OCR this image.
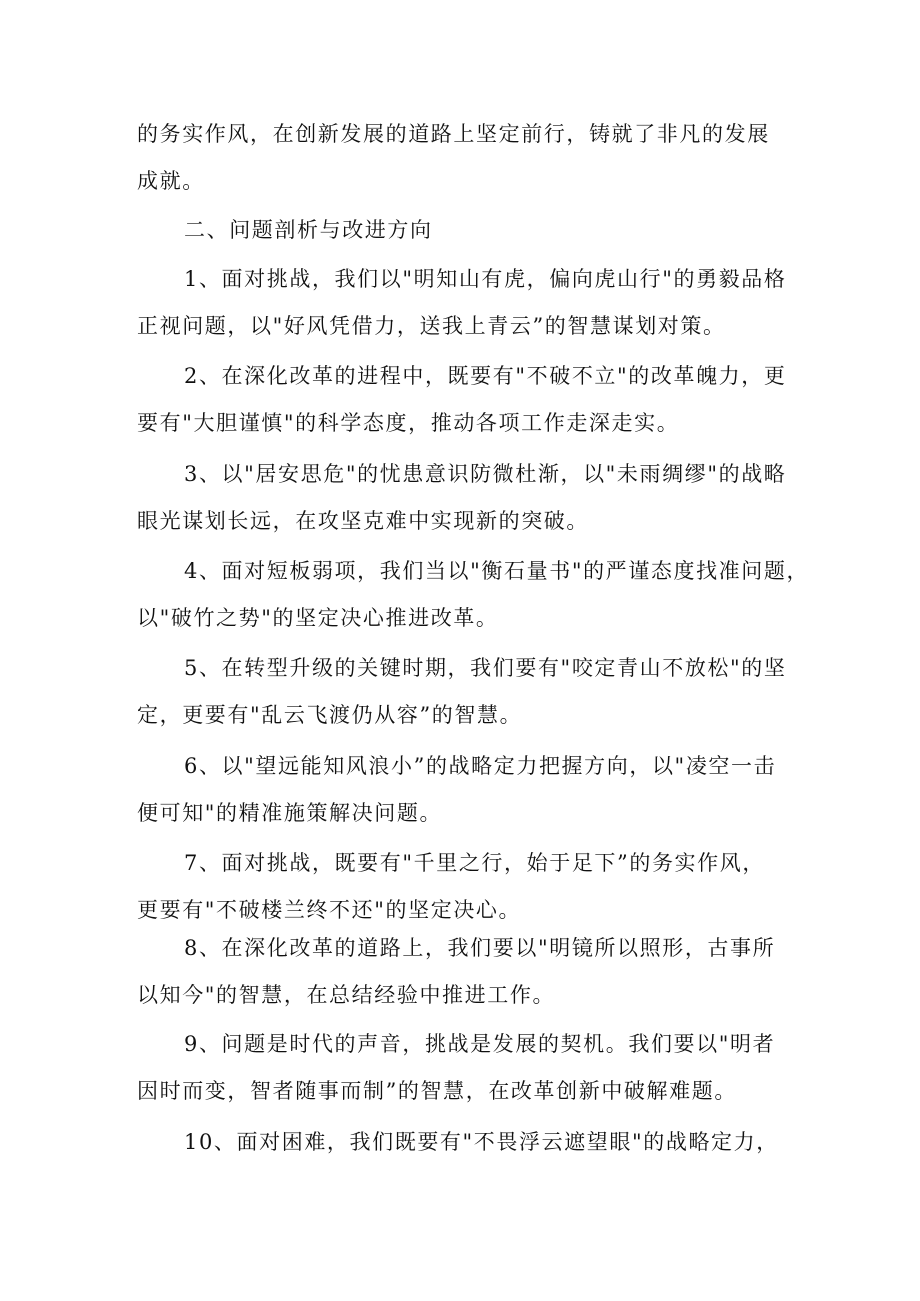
的务实作风，在创新发展的道路上坚定前行，铸就了非凡的发展
成就。
二、问题剖析与改进方向
1、面对挑战，我们以"明知山有虎，偏向虎山行"的勇毅品格
正视问题，以"好风凭借力，送我上青云”的智慧谋划对策。
2、在深化改革的进程中，既要有"不破不立"的改革魄力，更
要有"大胆谨慎"的科学态度，推动各项工作走深走实。
3、以"居安思危"的忧患意识防微杜渐，以"未雨绸缪"的战略
眼光谋划长远，在攻坚克难中实现新的突破。
4、面对短板弱项，我们当以"衡石量书"的严谨态度找准问题，
以"破竹之势"的坚定决心推进改革。
5、在转型升级的关键时期，我们要有"咬定青山不放松"的坚
定，更要有"乱云飞渡仍从容”的智慧。
6、以"望远能知风浪小”的战略定力把握方向，以"凌空一击
便可知"的精准施策解决问题。
7、面对挑战，既要有"千里之行，始于足下”的务实作风，
更要有"不破楼兰终不还"的坚定决心。
8、在深化改革的道路上，我们要以"明镜所以照形，古事所
以知今"的智慧，在总结经验中推进工作。
9、问题是时代的声音，挑战是发展的契机。我们要以"明者
因时而变，智者随事而制”的智慧，在改革创新中破解难题。
10、面对困难，我们既要有"不畏浮云遮望眼"的战略定力，
